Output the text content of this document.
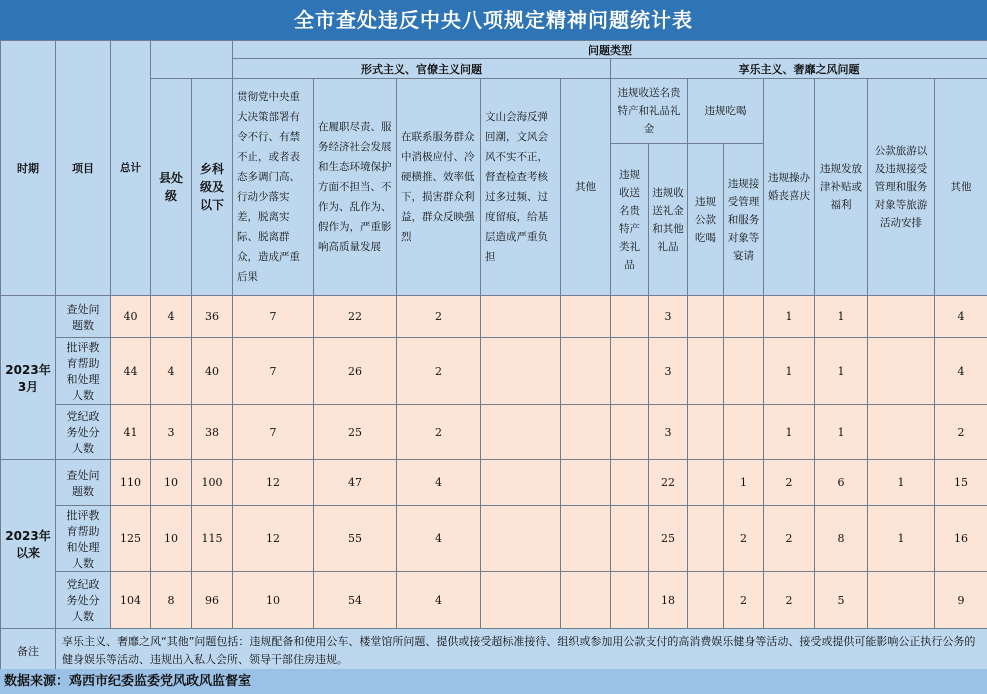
全市查处违反中央八项规定精神问题统计表
时期	项目	总计			问题类型												
					形式主义、官僚主义问题					享乐主义、奢靡之风问题							

			县处级	乡科级及以下	贯彻党中央重大决策部署有令不行、有禁不止，或者表态多调门高、行动少落实差，脱离实际、脱离群众，造成严重后果	在履职尽责、服务经济社会发展和生态环境保护方面不担当、不作为、乱作为、假作为，严重影响高质量发展	在联系服务群众中消极应付、冷硬横推、效率低下，损害群众利益，群众反映强烈	文山会海反弹回潮，文风会风不实不正，督查检查考核过多过频、过度留痕，给基层造成严重负担	其他	违规收送名贵特产和礼品礼金		违规吃喝		违规操办婚丧喜庆	违规发放津补贴或福利	公款旅游以及违规接受管理和服务对象等旅游活动安排	其他

										违规收送名贵特产类礼品	违规收送礼金和其他礼品	违规公款吃喝	违规接受管理和服务对象等宴请				

2023年3月	查处问题数	40	4	36	7	22	2				3			1	1		4
	批评教育帮助和处理人数	44	4	40	7	26	2				3			1	1		4
	党纪政务处分人数	41	3	38	7	25	2				3			1	1		2
2023年以来	查处问题数	110	10	100	12	47	4				22		1	2	6	1	15
	批评教育帮助和处理人数	125	10	115	12	55	4				25		2	2	8	1	16
	党纪政务处分人数	104	8	96	10	54	4				18		2	2	5		9
备注	享乐主义、奢靡之风“其他”问题包括：违规配备和使用公车、楼堂馆所问题、提供或接受超标准接待、组织或参加用公款支付的高消费娱乐健身等活动、接受或提供可能影响公正执行公务的健身娱乐等活动、违规出入私人会所、领导干部住房违规。																
数据来源：鸡西市纪委监委党风政风监督室
